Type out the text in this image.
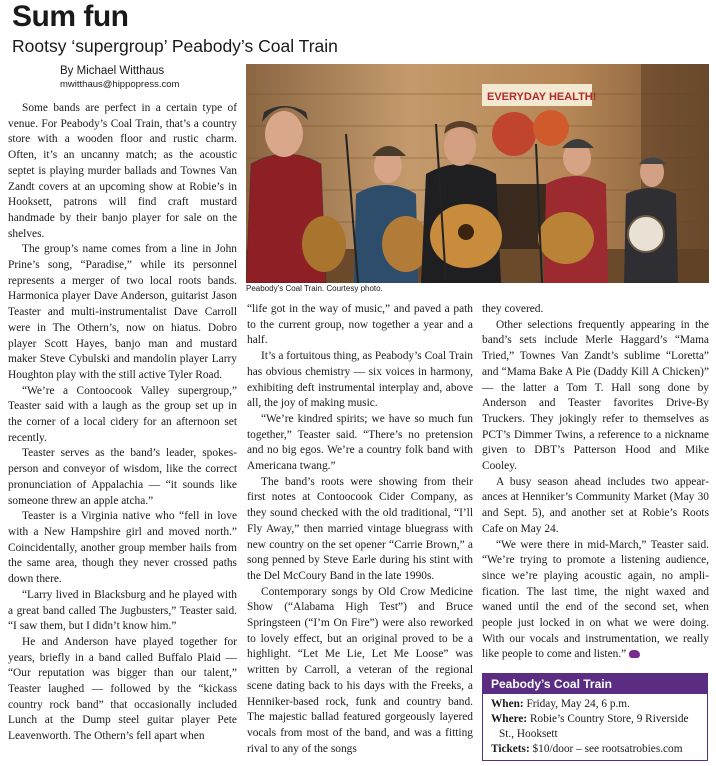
Sum fun
Rootsy ‘supergroup’ Peabody’s Coal Train
By Michael Witthaus
mwitthaus@hippopress.com
EVERYDAY HEALTH!
Peabody’s Coal Train. Courtesy photo.

Some bands are perfect in a certain type of venue. For Peabody’s Coal Train, that’s a country store with a wooden floor and rustic charm. Often, it’s an uncanny match; as the acoustic septet is playing murder ballads and Townes Van Zandt covers at an upcoming show at Robie’s in Hooksett, patrons will find craft mustard handmade by their banjo player for sale on the shelves.

The group’s name comes from a line in John Prine’s song, “Paradise,” while its personnel represents a merger of two local roots bands. Harmonica player Dave Anderson, guitarist Jason Teaster and multi-instrumentalist Dave Carroll were in The Othern’s, now on hiatus. Dobro player Scott Hayes, banjo man and mustard maker Steve Cybulski and mandolin player Larry Houghton play with the still active Tyler Road.

“We’re a Contoocook Valley supergroup,” Teaster said with a laugh as the group set up in the corner of a local cidery for an afternoon set recently.

Teaster serves as the band’s leader, spokesperson and conveyor of wisdom, like the correct pronunciation of Appalachia — “it sounds like someone threw an apple atcha.”

Teaster is a Virginia native who “fell in love with a New Hampshire girl and moved north.” Coincidentally, another group member hails from the same area, though they never crossed paths down there.

“Larry lived in Blacksburg and he played with a great band called The Jugbusters,” Teaster said. “I saw them, but I didn’t know him.”

He and Anderson have played together for years, briefly in a band called Buffalo Plaid — “Our reputation was bigger than our talent,” Teaster laughed — followed by the “kickass country rock band” that occasionally included Lunch at the Dump steel guitar player Pete Leavenworth. The Othern’s fell apart when

“life got in the way of music,” and paved a path to the current group, now together a year and a half.

It’s a fortuitous thing, as Peabody’s Coal Train has obvious chemistry — six voices in harmony, exhibiting deft instrumental interplay and, above all, the joy of making music.

“We’re kindred spirits; we have so much fun together,” Teaster said. “There’s no pretension and no big egos. We’re a country folk band with Americana twang.”

The band’s roots were showing from their first notes at Contoocook Cider Company, as they sound checked with the old traditional, “I’ll Fly Away,” then married vintage bluegrass with new country on the set opener “Carrie Brown,” a song penned by Steve Earle during his stint with the Del McCoury Band in the late 1990s.

Contemporary songs by Old Crow Medicine Show (“Alabama High Test”) and Bruce Springsteen (“I’m On Fire”) were also reworked to lovely effect, but an original proved to be a highlight. “Let Me Lie, Let Me Loose” was written by Carroll, a veteran of the regional scene dating back to his days with the Freeks, a Henniker-based rock, funk and country band. The majestic ballad featured gorgeously layered vocals from most of the band, and was a fitting rival to any of the songs

they covered.

Other selections frequently appearing in the band’s sets include Merle Haggard’s “Mama Tried,” Townes Van Zandt’s sublime “Loretta” and “Mama Bake A Pie (Daddy Kill A Chicken)” — the latter a Tom T. Hall song done by Anderson and Teaster favorites Drive-By Truckers. They jokingly refer to themselves as PCT’s Dimmer Twins, a reference to a nickname given to DBT’s Patterson Hood and Mike Cooley.

A busy season ahead includes two appearances at Henniker’s Community Market (May 30 and Sept. 5), and another set at Robie’s Roots Cafe on May 24.

“We were there in mid-March,” Teaster said. “We’re trying to promote a listening audience, since we’re playing acoustic again, no amplification. The last time, the night waxed and waned until the end of the second set, when people just locked in on what we were doing. With our vocals and instrumentation, we really like people to come and listen.”

Peabody’s Coal Train
When: Friday, May 24, 6 p.m.
Where: Robie’s Country Store, 9 Riverside St., Hooksett
Tickets: $10/door – see rootsatrobies.com
